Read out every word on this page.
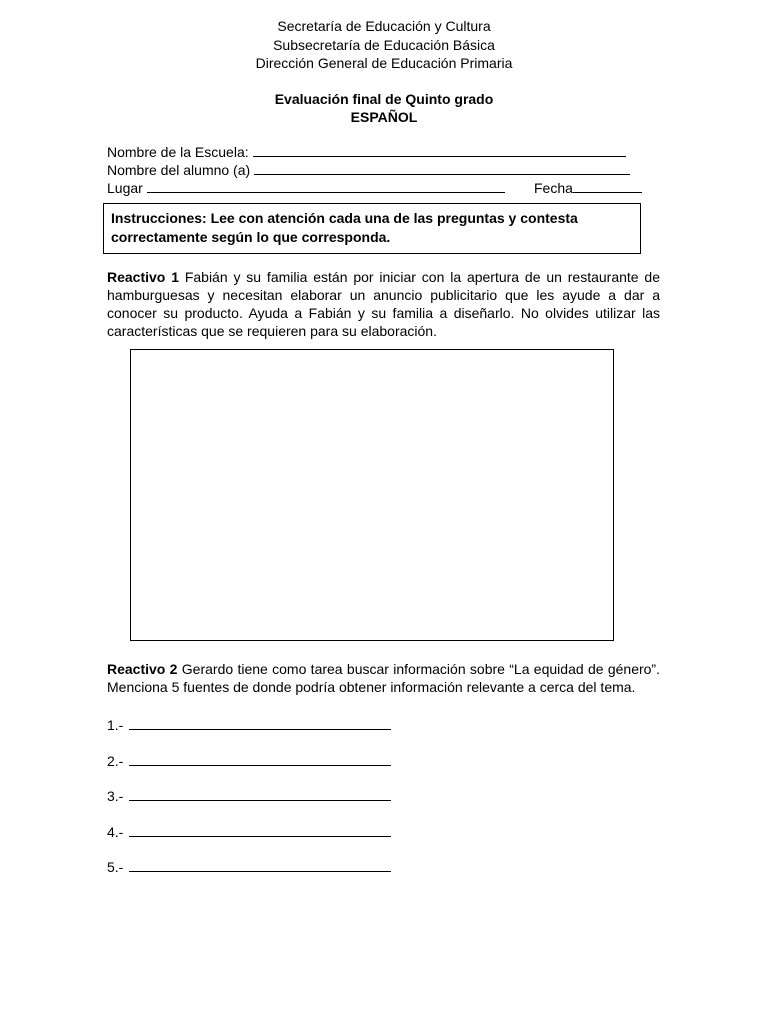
Secretaría de Educación y Cultura
Subsecretaría de Educación Básica
Dirección General de Educación Primaria
Evaluación final de Quinto grado
ESPAÑOL
Nombre de la Escuela:
Nombre del alumno (a)
Lugar	Fecha
Instrucciones: Lee con atención cada una de las preguntas y contesta correctamente según lo que corresponda.
Reactivo 1 Fabián y su familia están por iniciar con la apertura de un restaurante de hamburguesas y necesitan elaborar un anuncio publicitario que les ayude a dar a conocer su producto. Ayuda a Fabián y su familia a diseñarlo. No olvides utilizar las características que se requieren para su elaboración.
Reactivo 2 Gerardo tiene como tarea buscar información sobre “La equidad de género”. Menciona 5 fuentes de donde podría obtener información relevante a cerca del tema.
1.-
2.-
3.-
4.-
5.-
